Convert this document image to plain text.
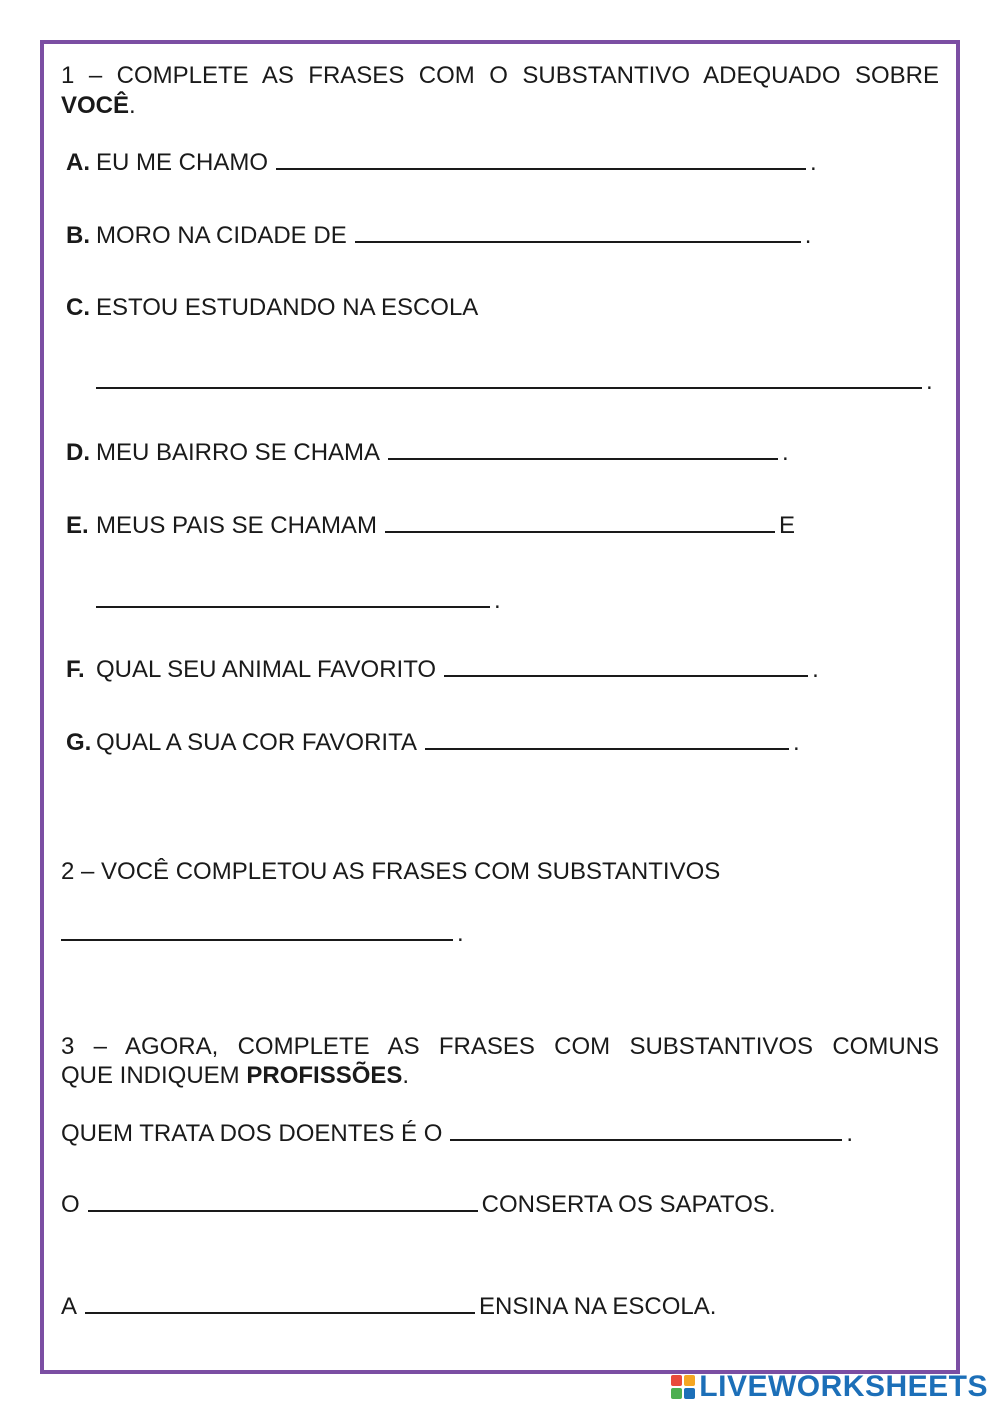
1 – COMPLETE AS FRASES COM O SUBSTANTIVO ADEQUADO SOBRE
VOCÊ.
A. EU ME CHAMO	.
B. MORO NA CIDADE DE	.
C. ESTOU ESTUDANDO NA ESCOLA
.
D. MEU BAIRRO SE CHAMA	.
E. MEUS PAIS SE CHAMAM	E
.
F. QUAL SEU ANIMAL FAVORITO	.
G. QUAL A SUA COR FAVORITA	.
2 – VOCÊ COMPLETOU AS FRASES COM SUBSTANTIVOS
.
3 – AGORA, COMPLETE AS FRASES COM SUBSTANTIVOS COMUNS
QUE INDIQUEM PROFISSÕES.
QUEM TRATA DOS DOENTES É O	.
O	CONSERTA OS SAPATOS.
A	ENSINA NA ESCOLA.
LIVEWORKSHEETS
